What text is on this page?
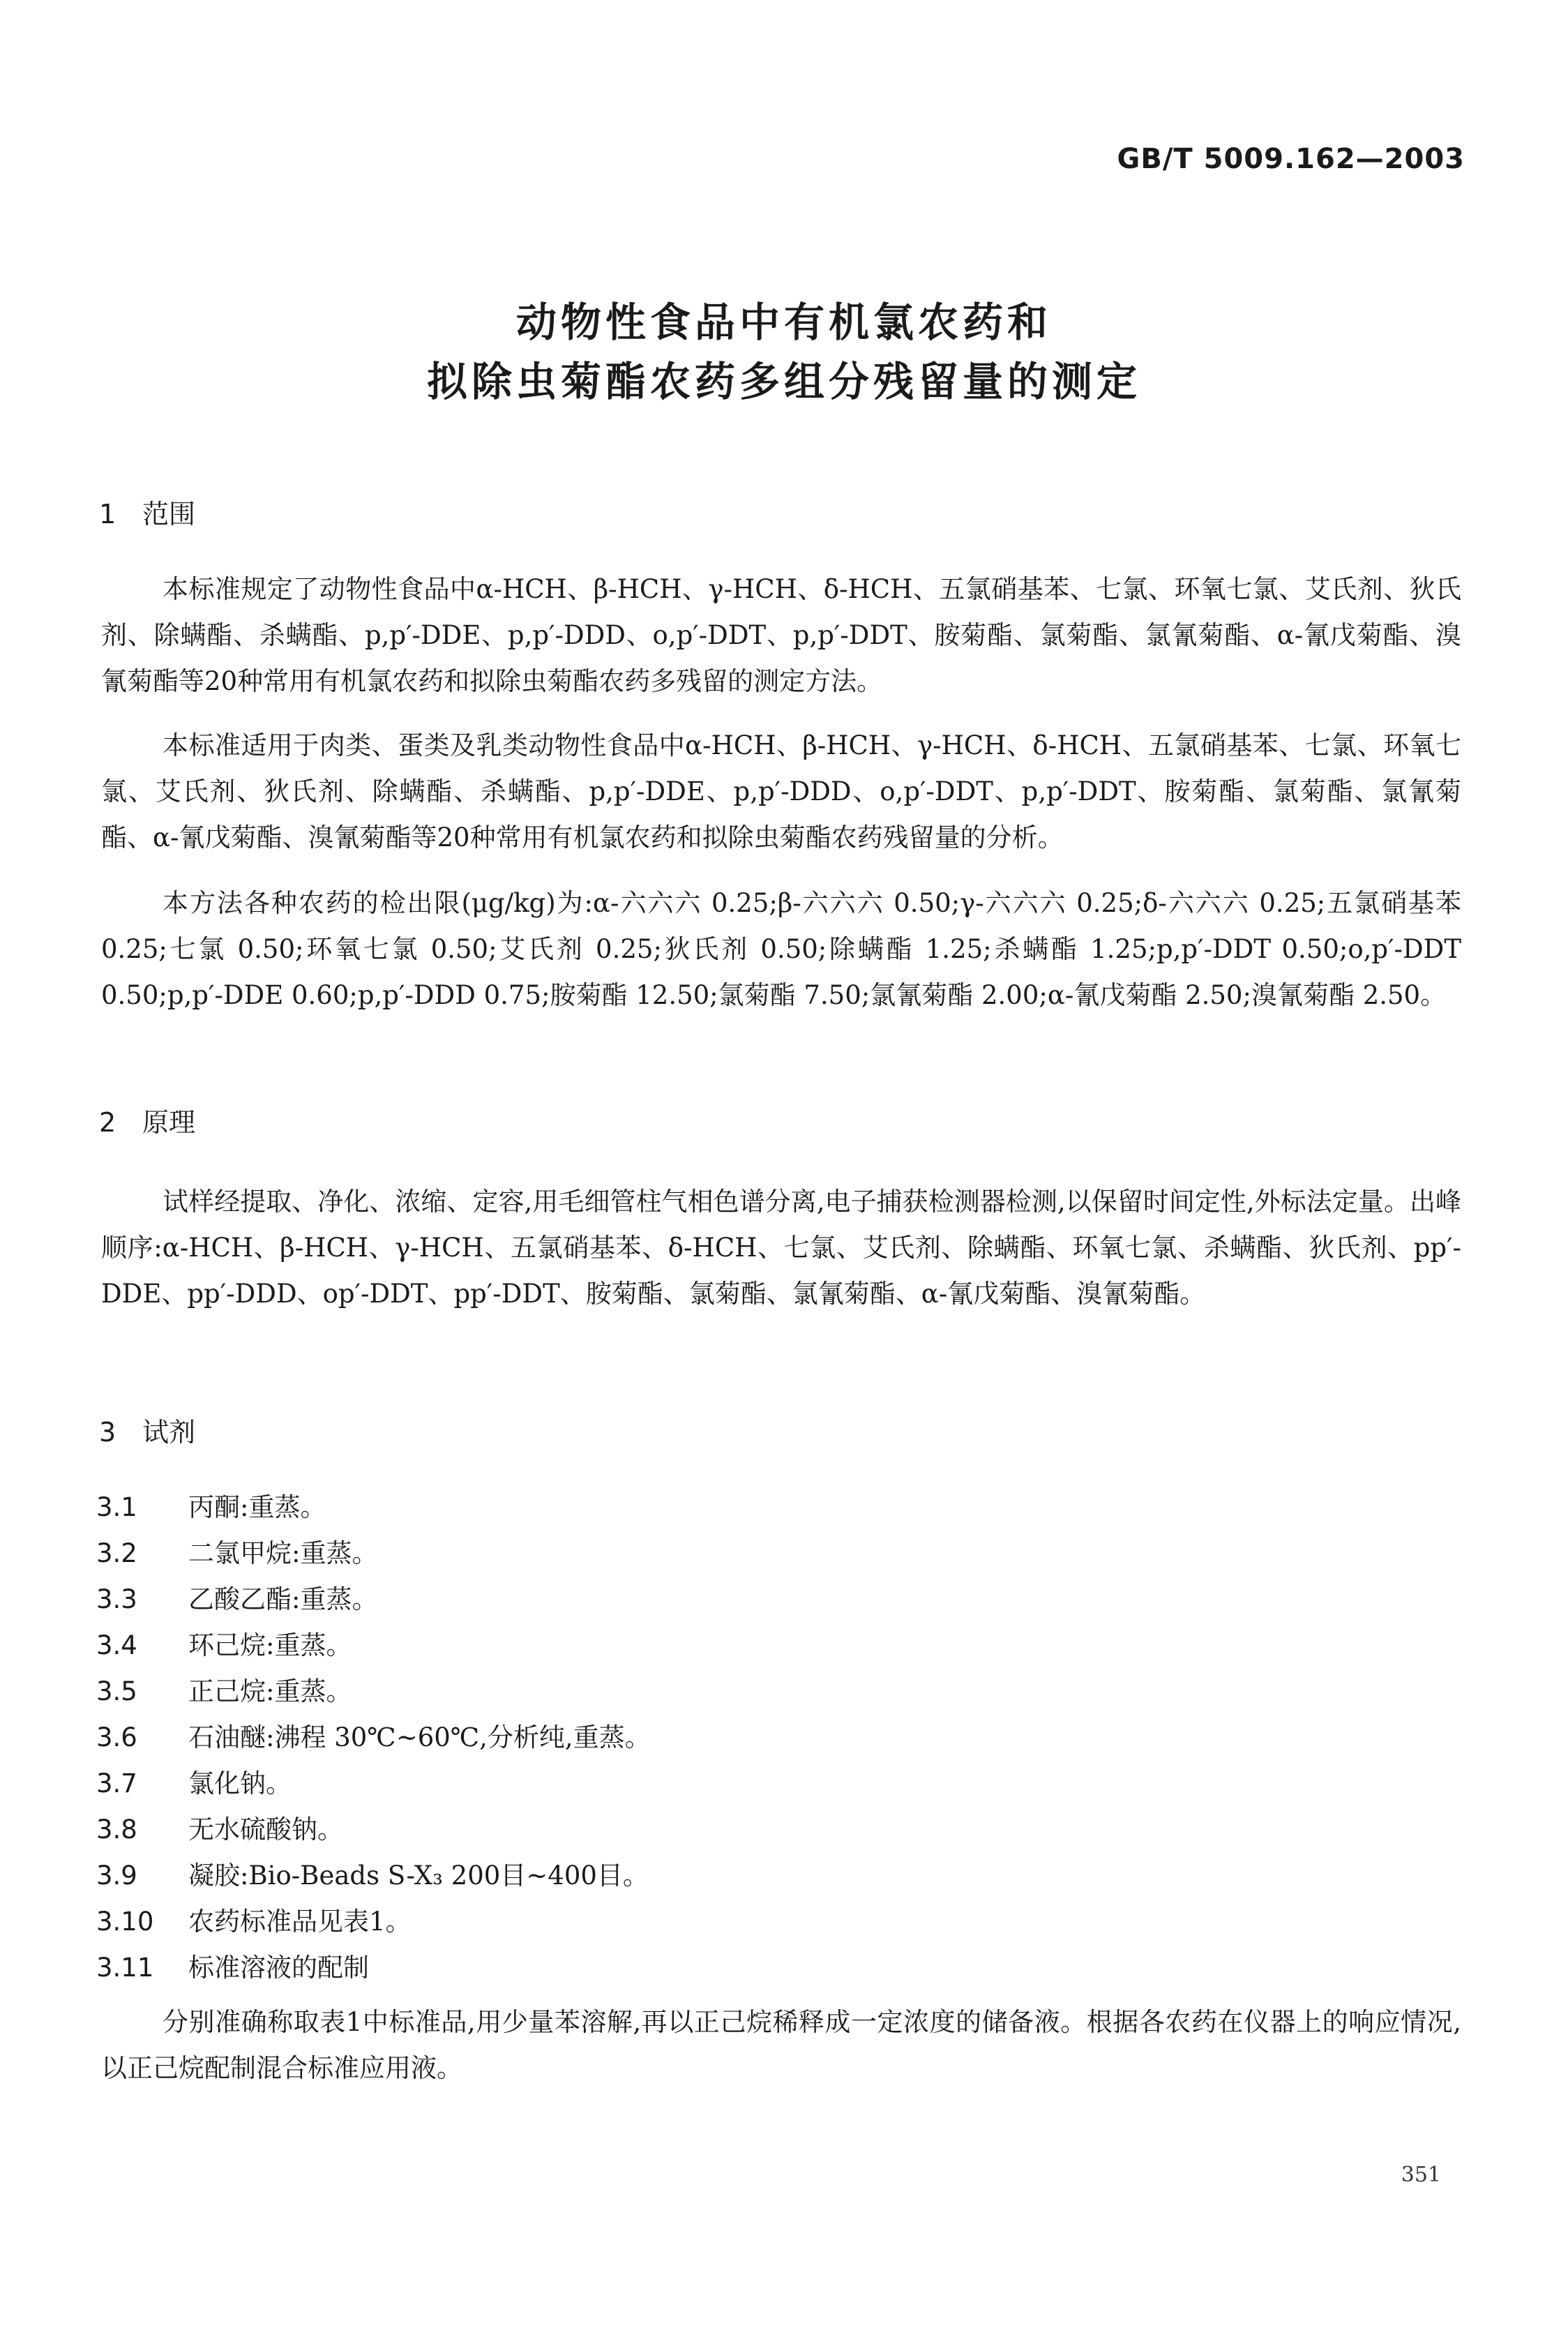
GB/T 5009.162—2003
动物性食品中有机氯农药和
拟除虫菊酯农药多组分残留量的测定
1 范围
本标准规定了动物性食品中α-HCH、β-HCH、γ-HCH、δ-HCH、五氯硝基苯、七氯、环氧七氯、艾氏剂、狄氏剂、除螨酯、杀螨酯、p,p′-DDE、p,p′-DDD、o,p′-DDT、p,p′-DDT、胺菊酯、氯菊酯、氯氰菊酯、α-氰戊菊酯、溴氰菊酯等20种常用有机氯农药和拟除虫菊酯农药多残留的测定方法。
本标准适用于肉类、蛋类及乳类动物性食品中α-HCH、β-HCH、γ-HCH、δ-HCH、五氯硝基苯、七氯、环氧七氯、艾氏剂、狄氏剂、除螨酯、杀螨酯、p,p′-DDE、p,p′-DDD、o,p′-DDT、p,p′-DDT、胺菊酯、氯菊酯、氯氰菊酯、α-氰戊菊酯、溴氰菊酯等20种常用有机氯农药和拟除虫菊酯农药残留量的分析。
本方法各种农药的检出限(μg/kg)为:α-六六六 0.25;β-六六六 0.50;γ-六六六 0.25;δ-六六六 0.25;五氯硝基苯 0.25;七氯 0.50;环氧七氯 0.50;艾氏剂 0.25;狄氏剂 0.50;除螨酯 1.25;杀螨酯 1.25;p,p′-DDT 0.50;o,p′-DDT 0.50;p,p′-DDE 0.60;p,p′-DDD 0.75;胺菊酯 12.50;氯菊酯 7.50;氯氰菊酯 2.00;α-氰戊菊酯 2.50;溴氰菊酯 2.50。
2 原理
试样经提取、净化、浓缩、定容,用毛细管柱气相色谱分离,电子捕获检测器检测,以保留时间定性,外标法定量。出峰顺序:α-HCH、β-HCH、γ-HCH、五氯硝基苯、δ-HCH、七氯、艾氏剂、除螨酯、环氧七氯、杀螨酯、狄氏剂、pp′-DDE、pp′-DDD、op′-DDT、pp′-DDT、胺菊酯、氯菊酯、氯氰菊酯、α-氰戊菊酯、溴氰菊酯。
3 试剂
3.1 丙酮:重蒸。
3.2 二氯甲烷:重蒸。
3.3 乙酸乙酯:重蒸。
3.4 环己烷:重蒸。
3.5 正己烷:重蒸。
3.6 石油醚:沸程 30℃~60℃,分析纯,重蒸。
3.7 氯化钠。
3.8 无水硫酸钠。
3.9 凝胶:Bio-Beads S-X₃ 200目~400目。
3.10 农药标准品见表1。
3.11 标准溶液的配制
分别准确称取表1中标准品,用少量苯溶解,再以正己烷稀释成一定浓度的储备液。根据各农药在仪器上的响应情况,以正己烷配制混合标准应用液。
351
